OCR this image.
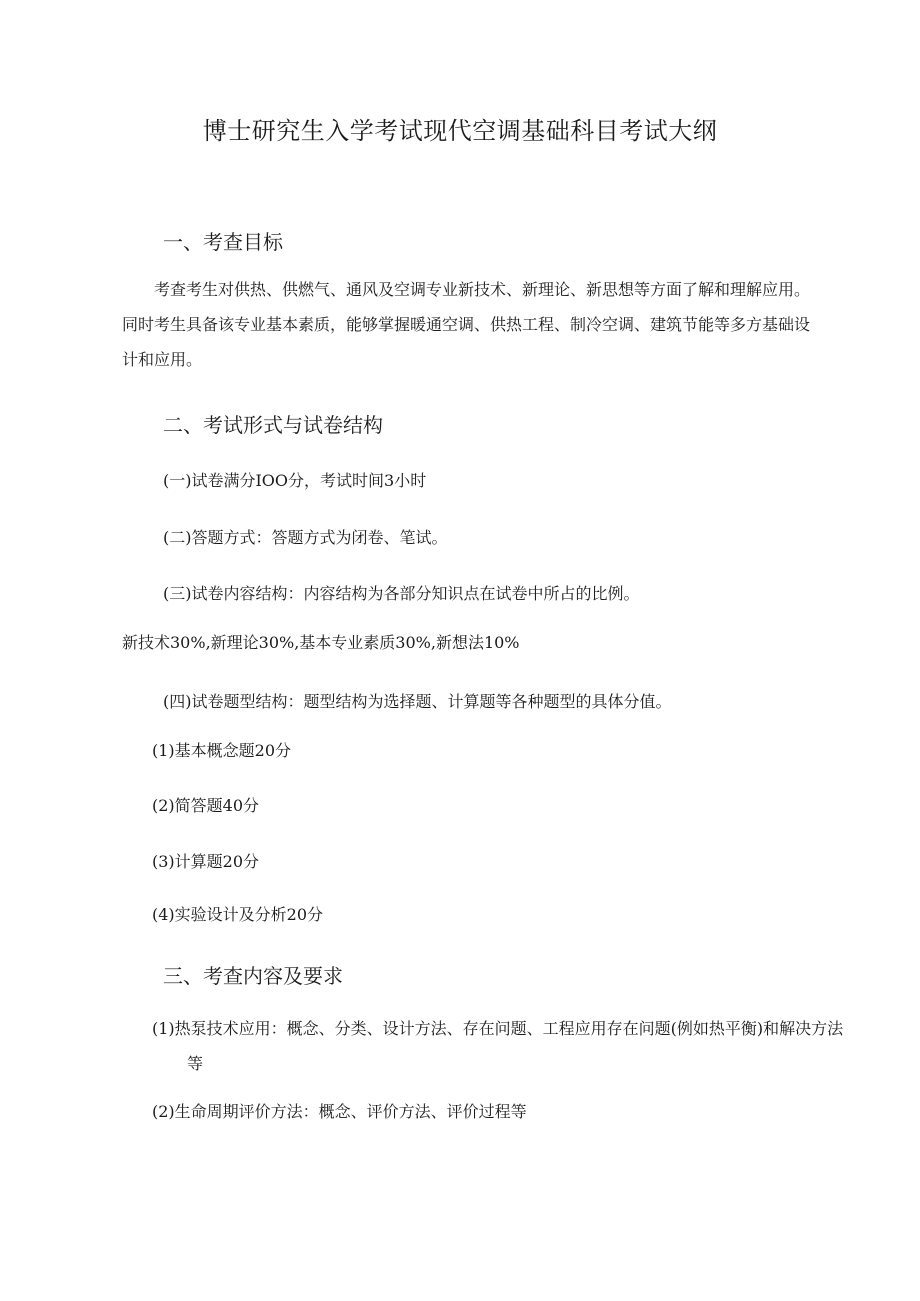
博士研究生入学考试现代空调基础科目考试大纲
一、考查目标
考查考生对供热、供燃气、通风及空调专业新技术、新理论、新思想等方面了解和理解应用。同时考生具备该专业基本素质，能够掌握暖通空调、供热工程、制冷空调、建筑节能等多方基础设计和应用。
二、考试形式与试卷结构
(一)试卷满分IOO分，考试时间3小时
(二)答题方式：答题方式为闭卷、笔试。
(三)试卷内容结构：内容结构为各部分知识点在试卷中所占的比例。
新技术30%,新理论30%,基本专业素质30%,新想法10%
(四)试卷题型结构：题型结构为选择题、计算题等各种题型的具体分值。
(1)基本概念题20分
(2)简答题40分
(3)计算题20分
(4)实验设计及分析20分
三、考查内容及要求
(1)热泵技术应用：概念、分类、设计方法、存在问题、工程应用存在问题(例如热平衡)和解决方法等
(2)生命周期评价方法：概念、评价方法、评价过程等
